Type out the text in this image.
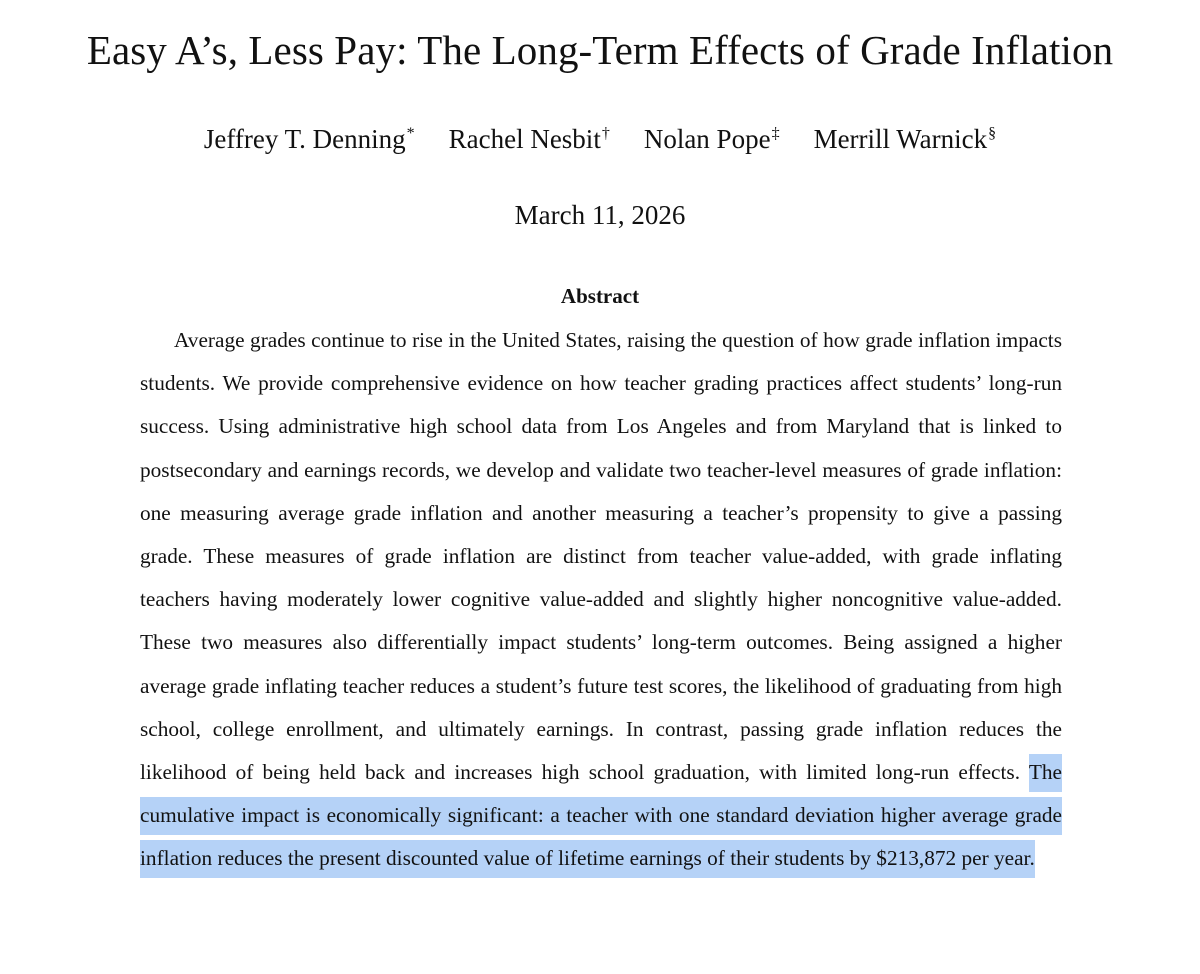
Easy A’s, Less Pay: The Long-Term Effects of Grade Inflation
Jeffrey T. Denning* Rachel Nesbit† Nolan Pope‡ Merrill Warnick§
March 11, 2026
Abstract

Average grades continue to rise in the United States, raising the question of how grade inflation impacts students. We provide comprehensive evidence on how teacher grading practices affect students’ long-run success. Using administrative high school data from Los Angeles and from Maryland that is linked to postsecondary and earnings records, we develop and validate two teacher-level measures of grade inflation: one measuring average grade inflation and another measuring a teacher’s propensity to give a passing grade. These measures of grade inflation are distinct from teacher value-added, with grade inflating teachers having moderately lower cognitive value-added and slightly higher noncognitive value-added. These two measures also differentially impact students’ long-term outcomes. Being assigned a higher average grade inflating teacher reduces a student’s future test scores, the likelihood of graduating from high school, college enrollment, and ultimately earnings. In contrast, passing grade inflation reduces the likelihood of being held back and increases high school graduation, with limited long-run effects. The cumulative impact is economically significant: a teacher with one standard deviation higher average grade inflation reduces the present discounted value of lifetime earnings of their students by $213,872 per year.
